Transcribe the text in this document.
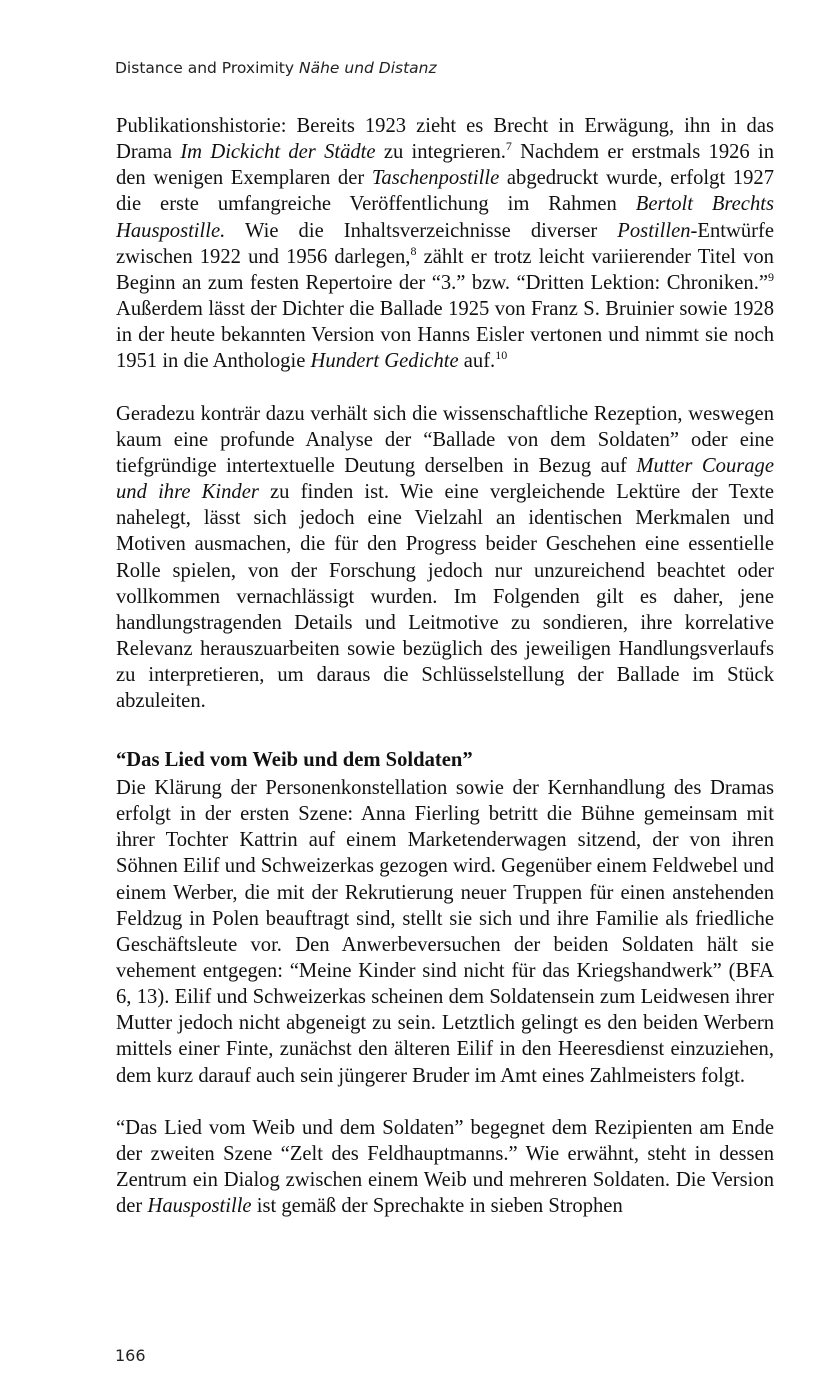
Distance and Proximity Nähe und Distanz

Publikationshistorie: Bereits 1923 zieht es Brecht in Erwägung, ihn in das Drama Im Dickicht der Städte zu integrieren.$^7$ Nachdem er erstmals 1926 in den wenigen Exemplaren der Taschenpostille abgedruckt wurde, erfolgt 1927 die erste umfangreiche Veröffentlichung im Rahmen Bertolt Brechts Hauspostille. Wie die Inhaltsverzeichnisse diverser Postillen-Entwürfe zwischen 1922 und 1956 darlegen,$^8$ zählt er trotz leicht variierender Titel von Beginn an zum festen Repertoire der “3.” bzw. “Dritten Lektion: Chroniken.”$^9$ Außerdem lässt der Dichter die Ballade 1925 von Franz S. Bruinier sowie 1928 in der heute bekannten Version von Hanns Eisler vertonen und nimmt sie noch 1951 in die Anthologie Hundert Gedichte auf.$^{10}$

Geradezu konträr dazu verhält sich die wissenschaftliche Rezeption, weswegen kaum eine profunde Analyse der “Ballade von dem Soldaten” oder eine tiefgründige intertextuelle Deutung derselben in Bezug auf Mutter Courage und ihre Kinder zu finden ist. Wie eine vergleichende Lektüre der Texte nahelegt, lässt sich jedoch eine Vielzahl an identischen Merkmalen und Motiven ausmachen, die für den Progress beider Geschehen eine essentielle Rolle spielen, von der Forschung jedoch nur unzureichend beachtet oder vollkommen vernachlässigt wurden. Im Folgenden gilt es daher, jene handlungstragenden Details und Leitmotive zu sondieren, ihre korrelative Relevanz herauszuarbeiten sowie bezüglich des jeweiligen Handlungsverlaufs zu interpretieren, um daraus die Schlüsselstellung der Ballade im Stück abzuleiten.

“Das Lied vom Weib und dem Soldaten”

Die Klärung der Personenkonstellation sowie der Kernhandlung des Dramas erfolgt in der ersten Szene: Anna Fierling betritt die Bühne gemeinsam mit ihrer Tochter Kattrin auf einem Marketenderwagen sitzend, der von ihren Söhnen Eilif und Schweizerkas gezogen wird. Gegenüber einem Feldwebel und einem Werber, die mit der Rekrutierung neuer Truppen für einen anstehenden Feldzug in Polen beauftragt sind, stellt sie sich und ihre Familie als friedliche Geschäftsleute vor. Den Anwerbeversuchen der beiden Soldaten hält sie vehement entgegen: “Meine Kinder sind nicht für das Kriegshandwerk” (BFA 6, 13). Eilif und Schweizerkas scheinen dem Soldatensein zum Leidwesen ihrer Mutter jedoch nicht abgeneigt zu sein. Letztlich gelingt es den beiden Werbern mittels einer Finte, zunächst den älteren Eilif in den Heeresdienst einzuziehen, dem kurz darauf auch sein jüngerer Bruder im Amt eines Zahlmeisters folgt.

“Das Lied vom Weib und dem Soldaten” begegnet dem Rezipienten am Ende der zweiten Szene “Zelt des Feldhauptmanns.” Wie erwähnt, steht in dessen Zentrum ein Dialog zwischen einem Weib und mehreren Soldaten. Die Version der Hauspostille ist gemäß der Sprechakte in sieben Strophen

166
